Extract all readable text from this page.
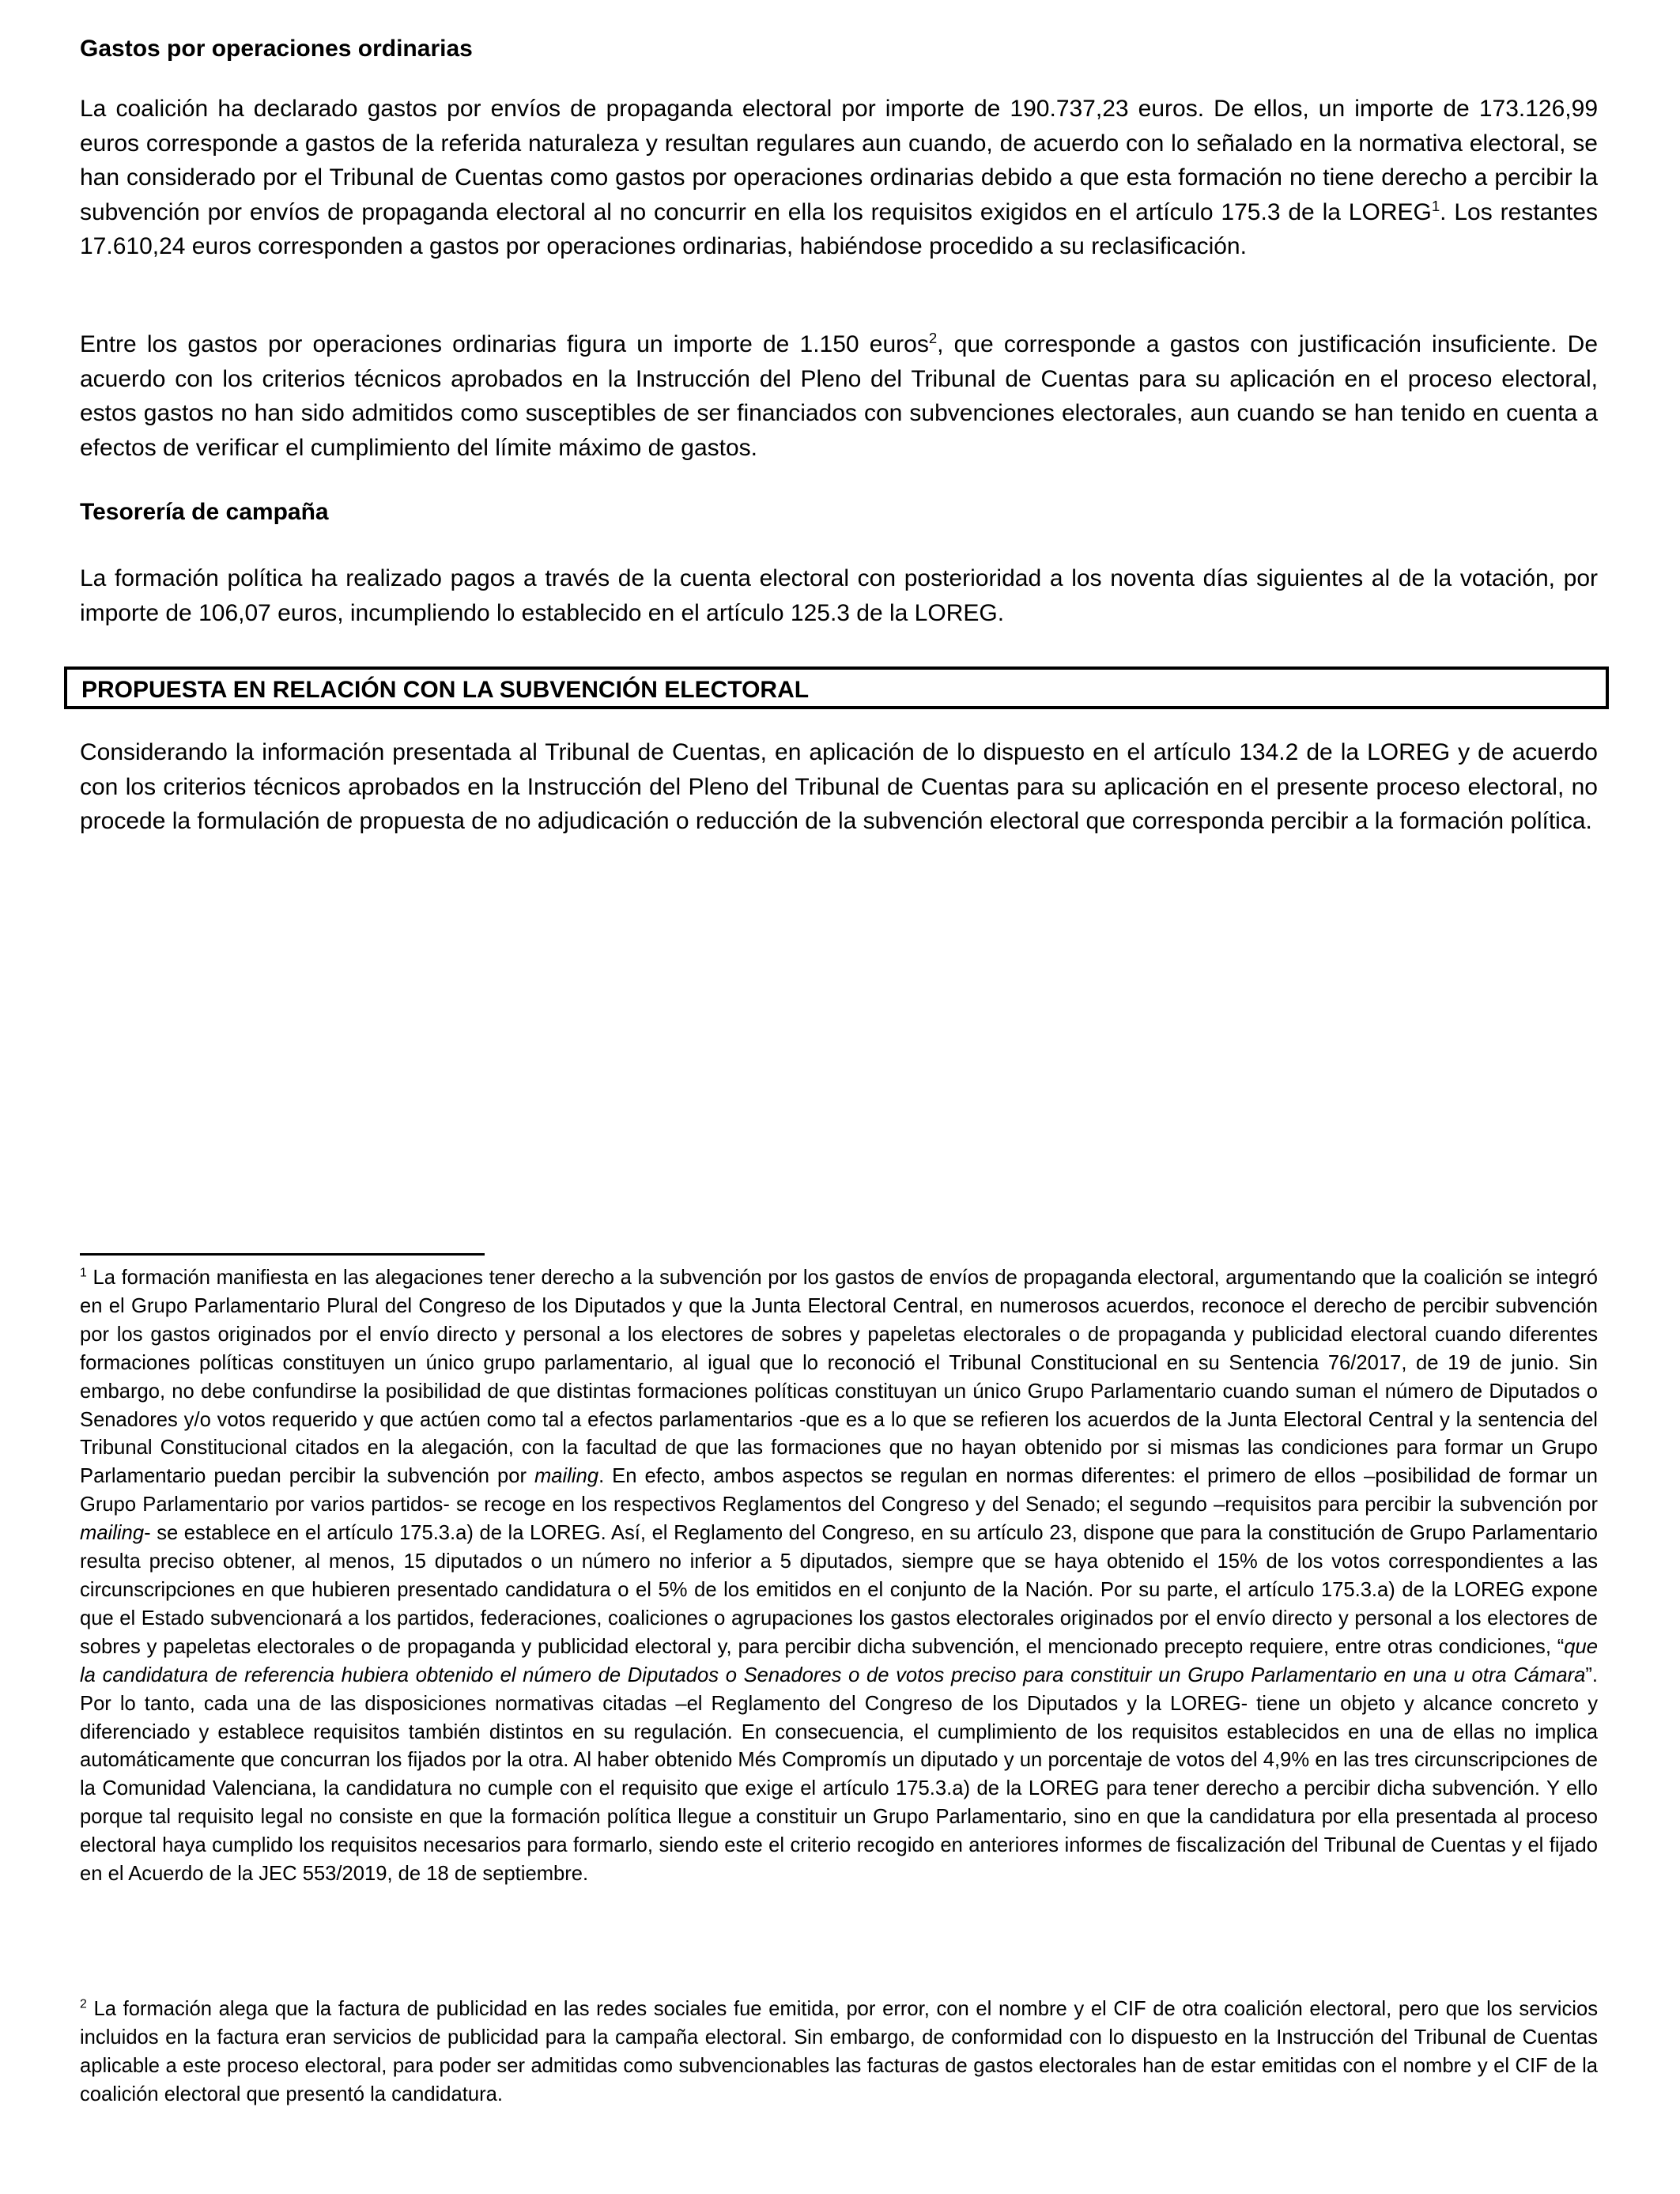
Gastos por operaciones ordinarias

La coalición ha declarado gastos por envíos de propaganda electoral por importe de 190.737,23 euros. De ellos, un importe de 173.126,99 euros corresponde a gastos de la referida naturaleza y resultan regulares aun cuando, de acuerdo con lo señalado en la normativa electoral, se han considerado por el Tribunal de Cuentas como gastos por operaciones ordinarias debido a que esta formación no tiene derecho a percibir la subvención por envíos de propaganda electoral al no concurrir en ella los requisitos exigidos en el artículo 175.3 de la LOREG$^1$. Los restantes 17.610,24 euros corresponden a gastos por operaciones ordinarias, habiéndose procedido a su reclasificación.

Entre los gastos por operaciones ordinarias figura un importe de 1.150 euros$^2$, que corresponde a gastos con justificación insuficiente. De acuerdo con los criterios técnicos aprobados en la Instrucción del Pleno del Tribunal de Cuentas para su aplicación en el proceso electoral, estos gastos no han sido admitidos como susceptibles de ser financiados con subvenciones electorales, aun cuando se han tenido en cuenta a efectos de verificar el cumplimiento del límite máximo de gastos.

Tesorería de campaña

La formación política ha realizado pagos a través de la cuenta electoral con posterioridad a los noventa días siguientes al de la votación, por importe de 106,07 euros, incumpliendo lo establecido en el artículo 125.3 de la LOREG.

PROPUESTA EN RELACIÓN CON LA SUBVENCIÓN ELECTORAL

Considerando la información presentada al Tribunal de Cuentas, en aplicación de lo dispuesto en el artículo 134.2 de la LOREG y de acuerdo con los criterios técnicos aprobados en la Instrucción del Pleno del Tribunal de Cuentas para su aplicación en el presente proceso electoral, no procede la formulación de propuesta de no adjudicación o reducción de la subvención electoral que corresponda percibir a la formación política.

$^1$ La formación manifiesta en las alegaciones tener derecho a la subvención por los gastos de envíos de propaganda electoral, argumentando que la coalición se integró en el Grupo Parlamentario Plural del Congreso de los Diputados y que la Junta Electoral Central, en numerosos acuerdos, reconoce el derecho de percibir subvención por los gastos originados por el envío directo y personal a los electores de sobres y papeletas electorales o de propaganda y publicidad electoral cuando diferentes formaciones políticas constituyen un único grupo parlamentario, al igual que lo reconoció el Tribunal Constitucional en su Sentencia 76/2017, de 19 de junio. Sin embargo, no debe confundirse la posibilidad de que distintas formaciones políticas constituyan un único Grupo Parlamentario cuando suman el número de Diputados o Senadores y/o votos requerido y que actúen como tal a efectos parlamentarios -que es a lo que se refieren los acuerdos de la Junta Electoral Central y la sentencia del Tribunal Constitucional citados en la alegación, con la facultad de que las formaciones que no hayan obtenido por si mismas las condiciones para formar un Grupo Parlamentario puedan percibir la subvención por mailing. En efecto, ambos aspectos se regulan en normas diferentes: el primero de ellos –posibilidad de formar un Grupo Parlamentario por varios partidos- se recoge en los respectivos Reglamentos del Congreso y del Senado; el segundo –requisitos para percibir la subvención por mailing- se establece en el artículo 175.3.a) de la LOREG. Así, el Reglamento del Congreso, en su artículo 23, dispone que para la constitución de Grupo Parlamentario resulta preciso obtener, al menos, 15 diputados o un número no inferior a 5 diputados, siempre que se haya obtenido el 15% de los votos correspondientes a las circunscripciones en que hubieren presentado candidatura o el 5% de los emitidos en el conjunto de la Nación. Por su parte, el artículo 175.3.a) de la LOREG expone que el Estado subvencionará a los partidos, federaciones, coaliciones o agrupaciones los gastos electorales originados por el envío directo y personal a los electores de sobres y papeletas electorales o de propaganda y publicidad electoral y, para percibir dicha subvención, el mencionado precepto requiere, entre otras condiciones, “que la candidatura de referencia hubiera obtenido el número de Diputados o Senadores o de votos preciso para constituir un Grupo Parlamentario en una u otra Cámara”. Por lo tanto, cada una de las disposiciones normativas citadas –el Reglamento del Congreso de los Diputados y la LOREG- tiene un objeto y alcance concreto y diferenciado y establece requisitos también distintos en su regulación. En consecuencia, el cumplimiento de los requisitos establecidos en una de ellas no implica automáticamente que concurran los fijados por la otra. Al haber obtenido Més Compromís un diputado y un porcentaje de votos del 4,9% en las tres circunscripciones de la Comunidad Valenciana, la candidatura no cumple con el requisito que exige el artículo 175.3.a) de la LOREG para tener derecho a percibir dicha subvención. Y ello porque tal requisito legal no consiste en que la formación política llegue a constituir un Grupo Parlamentario, sino en que la candidatura por ella presentada al proceso electoral haya cumplido los requisitos necesarios para formarlo, siendo este el criterio recogido en anteriores informes de fiscalización del Tribunal de Cuentas y el fijado en el Acuerdo de la JEC 553/2019, de 18 de septiembre.

$^2$ La formación alega que la factura de publicidad en las redes sociales fue emitida, por error, con el nombre y el CIF de otra coalición electoral, pero que los servicios incluidos en la factura eran servicios de publicidad para la campaña electoral. Sin embargo, de conformidad con lo dispuesto en la Instrucción del Tribunal de Cuentas aplicable a este proceso electoral, para poder ser admitidas como subvencionables las facturas de gastos electorales han de estar emitidas con el nombre y el CIF de la coalición electoral que presentó la candidatura.
